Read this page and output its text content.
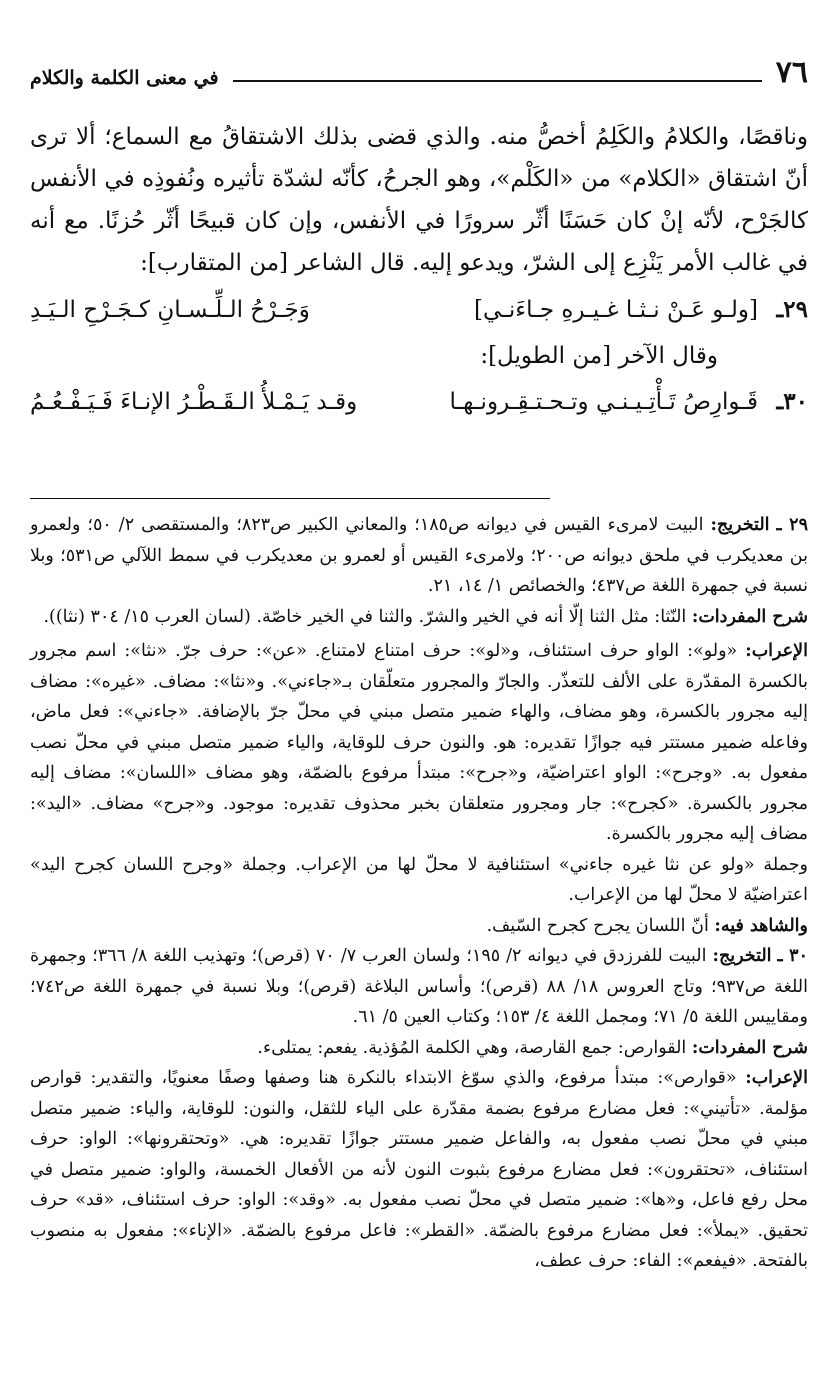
٧٦
في معنى الكلمة والكلام

وناقصًا، والكلامُ والكَلِمُ أخصُّ منه. والذي قضى بذلك الاشتقاقُ مع السماع؛ ألا ترى أنّ اشتقاق «الكلام» من «الكَلْم»، وهو الجرحُ، كأنّه لشدّة تأثيره ونُفوذِه في الأنفس كالجَرْح، لأنّه إنْ كان حَسَنًا أثّر سرورًا في الأنفس، وإن كان قبيحًا أثّر حُزنًا. مع أنه في غالب الأمر يَنْزِع إلى الشرّ، ويدعو إليه. قال الشاعر [من المتقارب]:

٢٩ـ
[ولـو عَـنْ نـثـا غـيـرهِ جـاءَنـي]
وَجَـرْحُ الـلِّـسـانِ كـجَـرْحِ الـيَـدِ

وقال الآخر [من الطويل]:

٣٠ـ
قَـوارِصُ تَـأْتِـيـنـي وتـحـتـقِـرونـهـا
وقـد يَـمْـلأُ الـقَـطْـرُ الإنـاءَ فَـيَـفْـعُـمُ

٢٩ ـ التخريج: البيت لامرىء القيس في ديوانه ص١٨٥؛ والمعاني الكبير ص٨٢٣؛ والمستقصى ٢/ ٥٠؛ ولعمرو بن معديكرب في ملحق ديوانه ص٢٠٠؛ ولامرىء القيس أو لعمرو بن معديكرب في سمط اللآلي ص٥٣١؛ وبلا نسبة في جمهرة اللغة ص٤٣٧؛ والخصائص ١/ ١٤، ٢١.

شرح المفردات: النّثا: مثل الثنا إلّا أنه في الخير والشرّ. والثنا في الخير خاصّة. (لسان العرب ١٥/ ٣٠٤ (نثا)).

الإعراب: «ولو»: الواو حرف استئناف، و«لو»: حرف امتناع لامتناع. «عن»: حرف جرّ. «نثا»: اسم مجرور بالكسرة المقدّرة على الألف للتعذّر. والجارّ والمجرور متعلّقان بـ«جاءني». و«نثا»: مضاف. «غيره»: مضاف إليه مجرور بالكسرة، وهو مضاف، والهاء ضمير متصل مبني في محلّ جرّ بالإضافة. «جاءني»: فعل ماض، وفاعله ضمير مستتر فيه جوازًا تقديره: هو. والنون حرف للوقاية، والياء ضمير متصل مبني في محلّ نصب مفعول به. «وجرح»: الواو اعتراضيّة، و«جرح»: مبتدأ مرفوع بالضمّة، وهو مضاف «اللسان»: مضاف إليه مجرور بالكسرة. «كجرح»: جار ومجرور متعلقان بخبر محذوف تقديره: موجود. و«جرح» مضاف. «اليد»: مضاف إليه مجرور بالكسرة.

وجملة «ولو عن نثا غيره جاءني» استئنافية لا محلّ لها من الإعراب. وجملة «وجرح اللسان كجرح اليد» اعتراضيّة لا محلّ لها من الإعراب.

والشاهد فيه: أنّ اللسان يجرح كجرح السّيف.

٣٠ ـ التخريج: البيت للفرزدق في ديوانه ٢/ ١٩٥؛ ولسان العرب ٧/ ٧٠ (قرص)؛ وتهذيب اللغة ٨/ ٣٦٦؛ وجمهرة اللغة ص٩٣٧؛ وتاج العروس ١٨/ ٨٨ (قرص)؛ وأساس البلاغة (قرص)؛ وبلا نسبة في جمهرة اللغة ص٧٤٢؛ ومقاييس اللغة ٥/ ٧١؛ ومجمل اللغة ٤/ ١٥٣؛ وكتاب العين ٥/ ٦١.

شرح المفردات: القوارص: جمع القارصة، وهي الكلمة المُؤذية. يفعم: يمتلىء.

الإعراب: «قوارص»: مبتدأ مرفوع، والذي سوّغ الابتداء بالنكرة هنا وصفها وصفًا معنويًا، والتقدير: قوارص مؤلمة. «تأتيني»: فعل مضارع مرفوع بضمة مقدّرة على الياء للثقل، والنون: للوقاية، والياء: ضمير متصل مبني في محلّ نصب مفعول به، والفاعل ضمير مستتر جوازًا تقديره: هي. «وتحتقرونها»: الواو: حرف استئناف، «تحتقرون»: فعل مضارع مرفوع بثبوت النون لأنه من الأفعال الخمسة، والواو: ضمير متصل في محل رفع فاعل، و«ها»: ضمير متصل في محلّ نصب مفعول به. «وقد»: الواو: حرف استئناف، «قد» حرف تحقيق. «يملأ»: فعل مضارع مرفوع بالضمّة. «القطر»: فاعل مرفوع بالضمّة. «الإناء»: مفعول به منصوب بالفتحة. «فيفعم»: الفاء: حرف عطف،
